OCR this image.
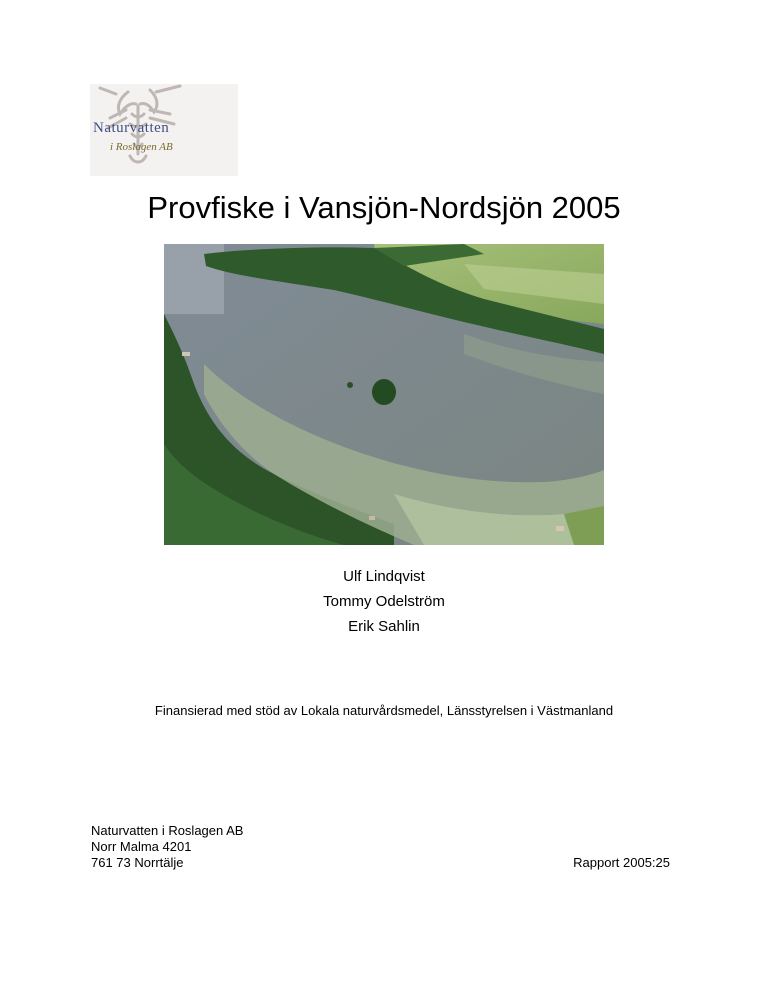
Naturvatten
i Roslagen AB
Provfiske i Vansjön-Nordsjön 2005
Ulf Lindqvist
Tommy Odelström
Erik Sahlin
Finansierad med stöd av Lokala naturvårdsmedel, Länsstyrelsen i Västmanland
Naturvatten i Roslagen AB
Norr Malma 4201
761 73 Norrtälje	Rapport 2005:25
